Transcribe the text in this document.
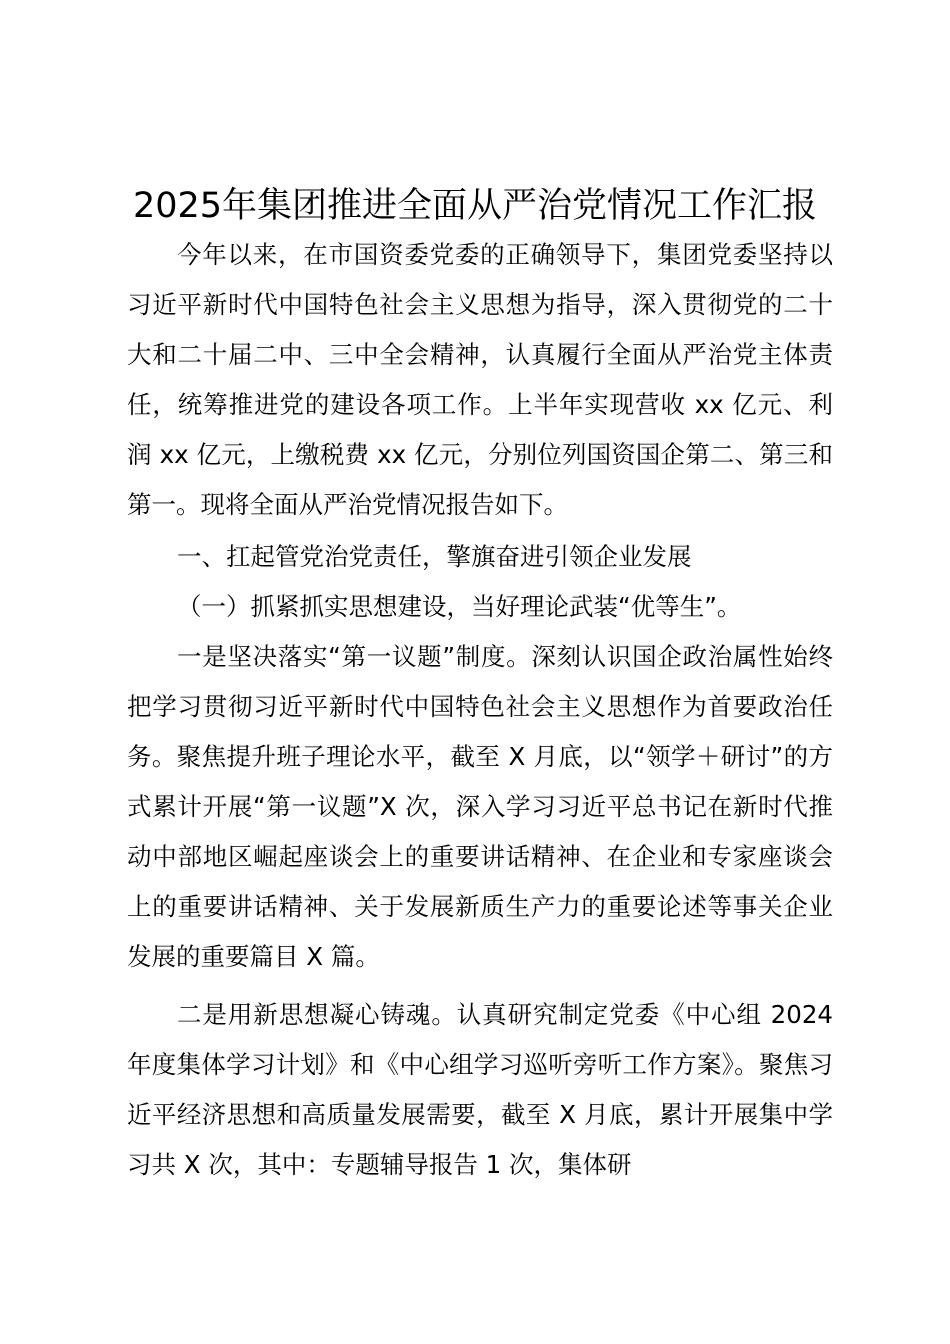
2025年集团推进全面从严治党情况工作汇报

今年以来，在市国资委党委的正确领导下，集团党委坚持以习近平新时代中国特色社会主义思想为指导，深入贯彻党的二十大和二十届二中、三中全会精神，认真履行全面从严治党主体责任，统筹推进党的建设各项工作。上半年实现营收 xx 亿元、利润 xx 亿元，上缴税费 xx 亿元，分别位列国资国企第二、第三和第一。现将全面从严治党情况报告如下。

一、扛起管党治党责任，擎旗奋进引领企业发展

（一）抓紧抓实思想建设，当好理论武装“优等生”。

一是坚决落实“第一议题”制度。深刻认识国企政治属性始终把学习贯彻习近平新时代中国特色社会主义思想作为首要政治任务。聚焦提升班子理论水平，截至 X 月底，以“领学＋研讨”的方式累计开展“第一议题”X 次，深入学习习近平总书记在新时代推动中部地区崛起座谈会上的重要讲话精神、在企业和专家座谈会上的重要讲话精神、关于发展新质生产力的重要论述等事关企业发展的重要篇目 X 篇。

二是用新思想凝心铸魂。认真研究制定党委《中心组 2024 年度集体学习计划》和《中心组学习巡听旁听工作方案》。聚焦习近平经济思想和高质量发展需要，截至 X 月底，累计开展集中学习共 X 次，其中：专题辅导报告 1 次，集体研
